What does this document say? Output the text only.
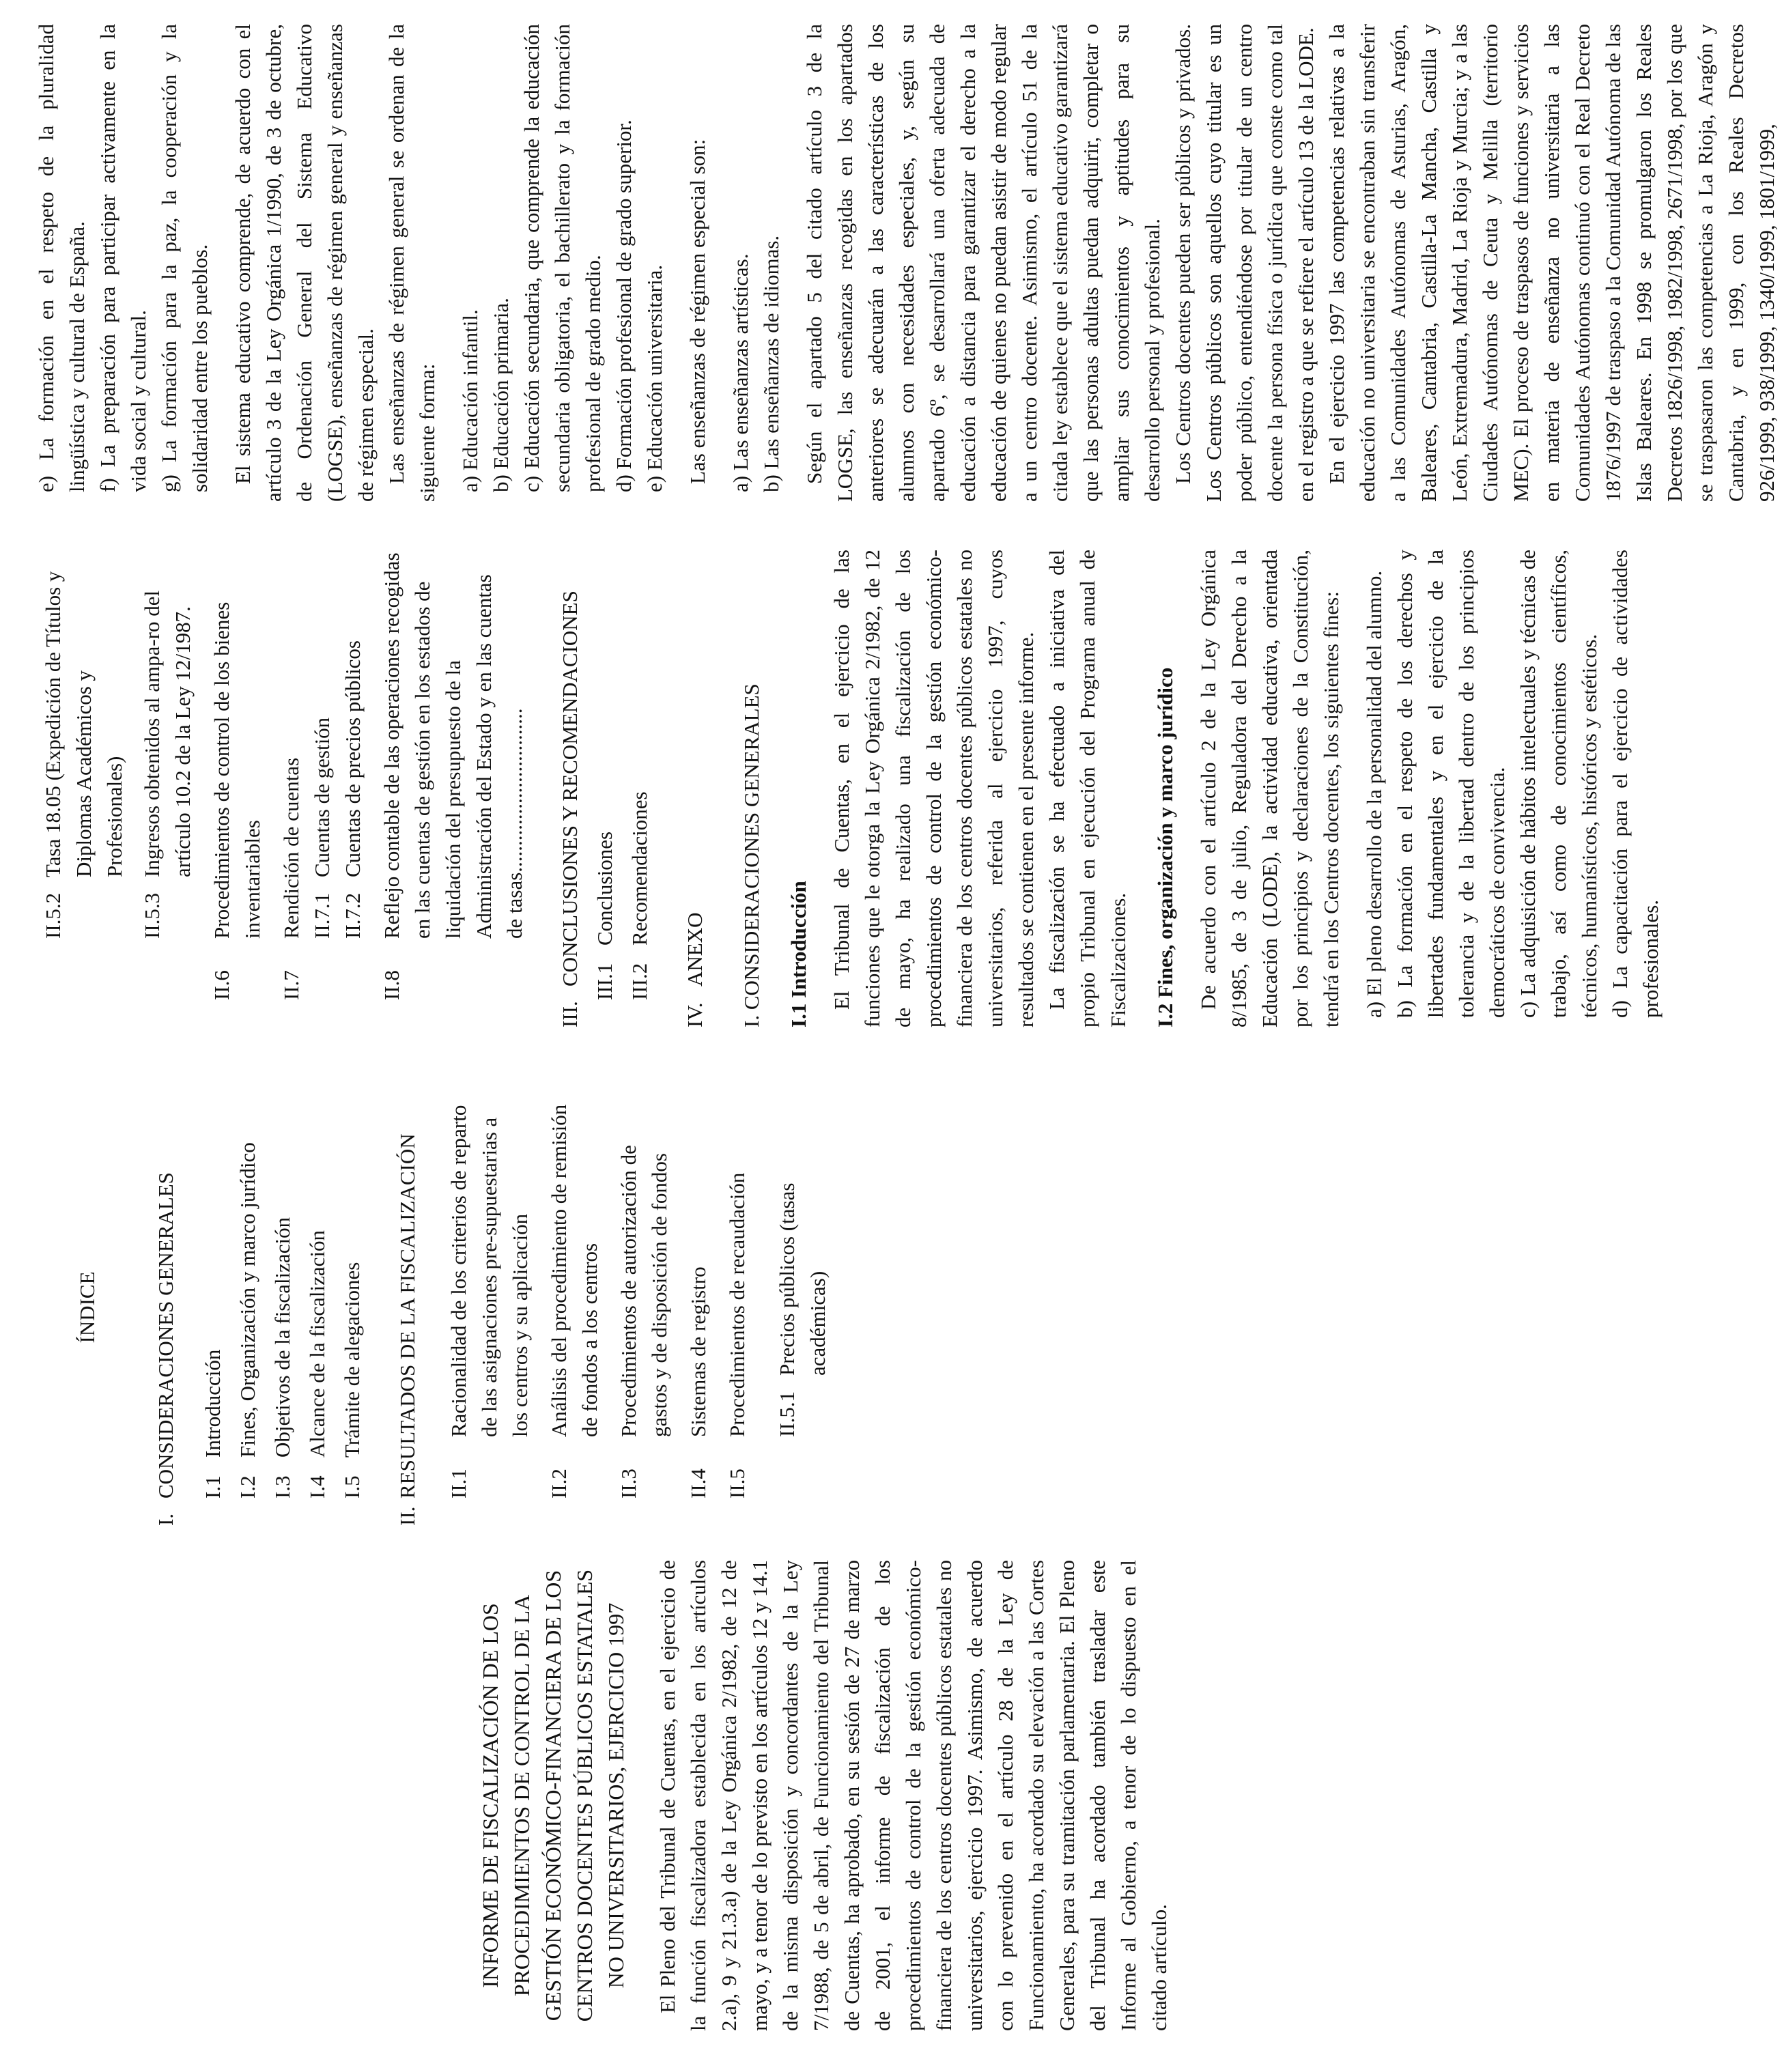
INFORME DE FISCALIZACIÓN DE LOS PROCEDIMIENTOS DE CONTROL DE LA GESTIÓN ECONÓMICO-FINANCIERA DE LOS CENTROS DOCENTES PÚBLICOS ESTATALES NO UNIVERSITARIOS, EJERCICIO 1997 El Pleno del Tribunal de Cuentas, en el ejercicio de la función fiscalizadora establecida en los artículos 2.a), 9 y 21.3.a) de la Ley Orgánica 2/1982, de 12 de mayo, y a tenor de lo previsto en los artículos 12 y 14.1 de la misma disposición y concordantes de la Ley 7/1988, de 5 de abril, de Funcionamiento del Tribunal de Cuentas, ha aprobado, en su sesión de 27 de marzo de 2001, el informe de fiscalización de los procedimientos de control de la gestión económico-financiera de los centros docentes públicos estatales no universitarios, ejercicio 1997. Asimismo, de acuerdo con lo prevenido en el artículo 28 de la Ley de Funcionamiento, ha acordado su elevación a las Cortes Generales, para su tramitación parlamentaria. El Pleno del Tribunal ha acordado también trasladar este Informe al Gobierno, a tenor de lo dispuesto en el citado artículo.

ÍNDICE
I.
CONSIDERACIONES GENERALES I.1
Introducción
I.2
Fines, Organización y marco jurídico
I.3
Objetivos de la fiscalización
I.4
Alcance de la fiscalización
I.5
Trámite de alegaciones
II.
RESULTADOS DE LA FISCALIZACIÓN II.1
Racionalidad de los criterios de reparto de las asignaciones pre-supuestarias a los centros y su aplicación
II.2
Análisis del procedimiento de remisión de fondos a los centros
II.3
Procedimientos de autorización de gastos y de disposición de fondos
II.4
Sistemas de registro
II.5
Procedimientos de recaudación II.5.1
Precios públicos (tasas académicas)
II.5.2
Tasa 18.05 (Expedición de Títulos y Diplomas Académicos y Profesionales)
II.5.3
Ingresos obtenidos al ampa-ro del artículo 10.2 de la Ley 12/1987.
II.6
Procedimientos de control de los bienes inventariables
II.7
Rendición de cuentas II.7.1
Cuentas de gestión
II.7.2
Cuentas de precios públicos
II.8
Reflejo contable de las operaciones recogidas en las cuentas de gestión en los estados de liquidación del presupuesto de la Administración del Estado y en las cuentas de tasas...............................
III.
CONCLUSIONES Y RECOMENDACIONES III.1
Conclusiones
III.2
Recomendaciones
IV.
ANEXO I. CONSIDERACIONES GENERALES I.1 Introducción El Tribunal de Cuentas, en el ejercicio de las funciones que le otorga la Ley Orgánica 2/1982, de 12 de mayo, ha realizado una fiscalización de los procedimientos de control de la gestión económico-financiera de los centros docentes públicos estatales no universitarios, referida al ejercicio 1997, cuyos resultados se contienen en el presente informe. La fiscalización se ha efectuado a iniciativa del propio Tribunal en ejecución del Programa anual de Fiscalizaciones. I.2 Fines, organización y marco jurídico De acuerdo con el artículo 2 de la Ley Orgánica 8/1985, de 3 de julio, Reguladora del Derecho a la Educación (LODE), la actividad educativa, orientada por los principios y declaraciones de la Constitución, tendrá en los Centros docentes, los siguientes fines: a) El pleno desarrollo de la personalidad del alumno. b) La formación en el respeto de los derechos y libertades fundamentales y en el ejercicio de la tolerancia y de la libertad dentro de los principios democráticos de convivencia. c) La adquisición de hábitos intelectuales y técnicas de trabajo, así como de conocimientos científicos, técnicos, humanísticos, históricos y estéticos. d) La capacitación para el ejercicio de actividades profesionales.

e) La formación en el respeto de la pluralidad lingüística y cultural de España. f) La preparación para participar activamente en la vida social y cultural. g) La formación para la paz, la cooperación y la solidaridad entre los pueblos. El sistema educativo comprende, de acuerdo con el artículo 3 de la Ley Orgánica 1/1990, de 3 de octubre, de Ordenación General del Sistema Educativo (LOGSE), enseñanzas de régimen general y enseñanzas de régimen especial. Las enseñanzas de régimen general se ordenan de la siguiente forma: a) Educación infantil. b) Educación primaria. c) Educación secundaria, que comprende la educación secundaria obligatoria, el bachillerato y la formación profesional de grado medio. d) Formación profesional de grado superior. e) Educación universitaria. Las enseñanzas de régimen especial son: a) Las enseñanzas artísticas. b) Las enseñanzas de idiomas. Según el apartado 5 del citado artículo 3 de la LOGSE, las enseñanzas recogidas en los apartados anteriores se adecuarán a las características de los alumnos con necesidades especiales, y, según su apartado 6º, se desarrollará una oferta adecuada de educación a distancia para garantizar el derecho a la educación de quienes no puedan asistir de modo regular a un centro docente. Asimismo, el artículo 51 de la citada ley establece que el sistema educativo garantizará que las personas adultas puedan adquirir, completar o ampliar sus conocimientos y aptitudes para su desarrollo personal y profesional. Los Centros docentes pueden ser públicos y privados. Los Centros públicos son aquellos cuyo titular es un poder público, entendiéndose por titular de un centro docente la persona física o jurídica que conste como tal en el registro a que se refiere el artículo 13 de la LODE. En el ejercicio 1997 las competencias relativas a la educación no universitaria se encontraban sin transferir a las Comunidades Autónomas de Asturias, Aragón, Baleares, Cantabria, Castilla-La Mancha, Castilla y León, Extremadura, Madrid, La Rioja y Murcia; y a las Ciudades Autónomas de Ceuta y Melilla (territorio MEC). El proceso de traspasos de funciones y servicios en materia de enseñanza no universitaria a las Comunidades Autónomas continuó con el Real Decreto 1876/1997 de traspaso a la Comunidad Autónoma de las Islas Baleares. En 1998 se promulgaron los Reales Decretos 1826/1998, 1982/1998, 2671/1998, por los que se traspasaron las competencias a La Rioja, Aragón y Cantabria, y en 1999, con los Reales Decretos 926/1999, 938/1999, 1340/1999, 1801/1999,
